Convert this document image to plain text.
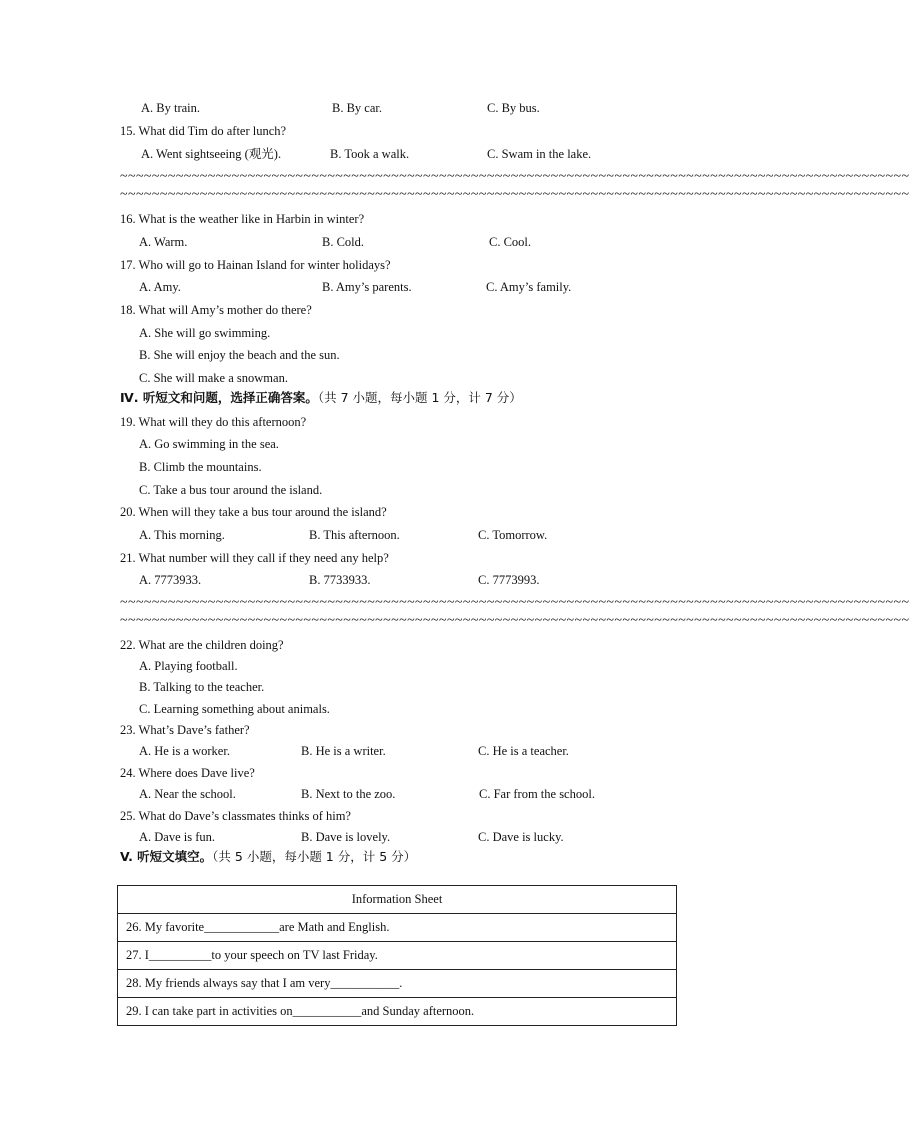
A. By train.	B. By car.	C. By bus.
15. What did Tim do after lunch?
A. Went sightseeing (观光).	B. Took a walk.	C. Swam in the lake.
~~~~~~~~~~~~~~~~~~~~~~~~~~~~~~~~~~~~~~~~~~~~~~~~~~~~~~~~~~~~~~~~~~~~~~~~~~~~~~~~~~~~~~~~~~~~~~~~~~~
~~~~~~~~~~~~~~~~~~~~~~~~~~~~~~~~~~~~~~~~~~~~~~~~~~~~~~~~~~~~~~~~~~~~~~~~~~~~~~~~~~~~~~~~~~~~~~~~~~~
16. What is the weather like in Harbin in winter?
A. Warm.	B. Cold.	C. Cool.
17. Who will go to Hainan Island for winter holidays?
A. Amy.	B. Amy’s parents.	C. Amy’s family.
18. What will Amy’s mother do there?
A. She will go swimming.
B. She will enjoy the beach and the sun.
C. She will make a snowman.
Ⅳ. 听短文和问题，选择正确答案。（共 7 小题，每小题 1 分，计 7 分）
19. What will they do this afternoon?
A. Go swimming in the sea.
B. Climb the mountains.
C. Take a bus tour around the island.
20. When will they take a bus tour around the island?
A. This morning.	B. This afternoon.	C. Tomorrow.
21. What number will they call if they need any help?
A. 7773933.	B. 7733933.	C. 7773993.
~~~~~~~~~~~~~~~~~~~~~~~~~~~~~~~~~~~~~~~~~~~~~~~~~~~~~~~~~~~~~~~~~~~~~~~~~~~~~~~~~~~~~~~~~~~~~~~~~~~
~~~~~~~~~~~~~~~~~~~~~~~~~~~~~~~~~~~~~~~~~~~~~~~~~~~~~~~~~~~~~~~~~~~~~~~~~~~~~~~~~~~~~~~~~~~~~~~~~~~
22. What are the children doing?
A. Playing football.
B. Talking to the teacher.
C. Learning something about animals.
23. What’s Dave’s father?
A. He is a worker.	B. He is a writer.	C. He is a teacher.
24. Where does Dave live?
A. Near the school.	B. Next to the zoo.	C. Far from the school.
25. What do Dave’s classmates thinks of him?
A. Dave is fun.	B. Dave is lovely.	C. Dave is lucky.
V. 听短文填空。（共 5 小题，每小题 1 分，计 5 分）
Information Sheet
26. My favorite____________are Math and English.
27. I__________to your speech on TV last Friday.
28. My friends always say that I am very___________.
29. I can take part in activities on___________and Sunday afternoon.
